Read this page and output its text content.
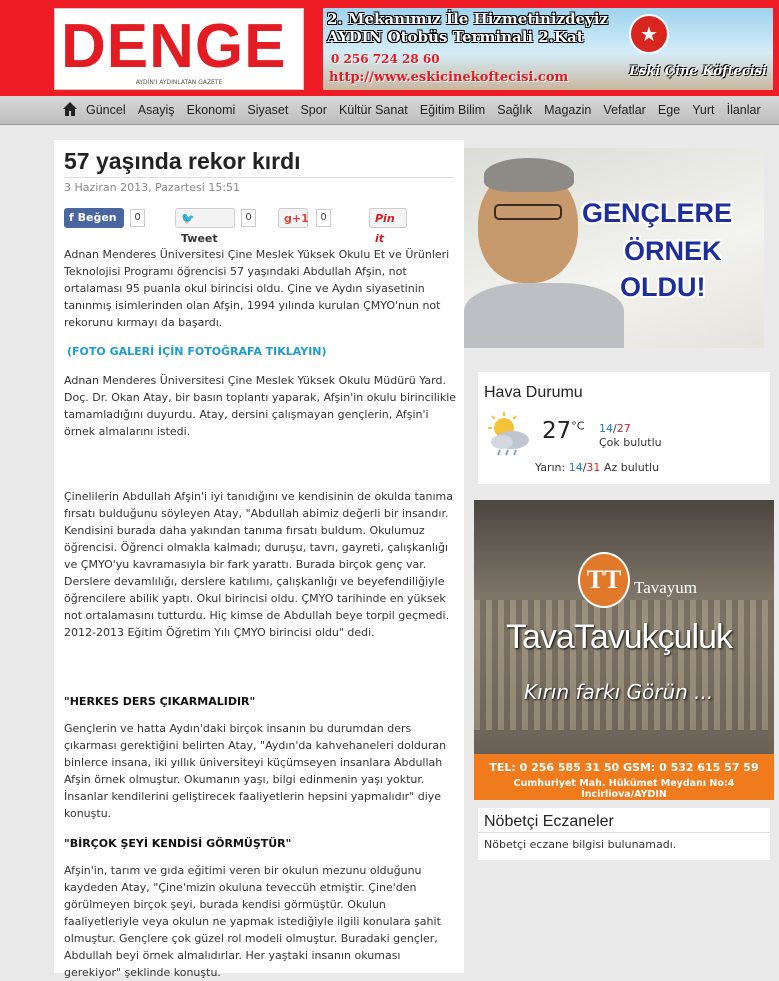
DENGE
AYDIN'I AYDINLATAN GAZETE
2. Mekanımız İle Hizmetinizdeyiz
AYDIN Otobüs Terminali 2.Kat
0 256 724 28 60
http://www.eskicinekoftecisi.com
★
Eski Çine Köftecisi
Güncel Asayiş Ekonomi Siyaset Spor Kültür Sanat Eğitim Bilim Sağlık Magazin Vefatlar Ege Yurt İlanlar
57 yaşında rekor kırdı
3 Haziran 2013, Pazartesi 15:51
f Beğen	0	🐦Tweet
0	g+1	0	Pin it

Adnan Menderes Üniversitesi Çine Meslek Yüksek Okulu Et ve Ürünleri Teknolojisi Programı öğrencisi 57 yaşındaki Abdullah Afşin, not ortalaması 95 puanla okul birincisi oldu. Çine ve Aydın siyasetinin tanınmış isimlerinden olan Afşin, 1994 yılında kurulan ÇMYO'nun not rekorunu kırmayı da başardı.

(FOTO GALERİ İÇİN FOTOĞRAFA TIKLAYIN)

Adnan Menderes Üniversitesi Çine Meslek Yüksek Okulu Müdürü Yard. Doç. Dr. Okan Atay, bir basın toplantı yaparak, Afşin'in okulu birincilikle tamamladığını duyurdu. Atay, dersini çalışmayan gençlerin, Afşin'i örnek almalarını istedi.

Çinelilerin Abdullah Afşin'i iyi tanıdığını ve kendisinin de okulda tanıma fırsatı bulduğunu söyleyen Atay, "Abdullah abimiz değerli bir insandır. Kendisini burada daha yakından tanıma fırsatı buldum. Okulumuz öğrencisi. Öğrenci olmakla kalmadı; duruşu, tavrı, gayreti, çalışkanlığı ve ÇMYO'yu kavramasıyla bir fark yarattı. Burada birçok genç var. Derslere devamlılığı, derslere katılımı, çalışkanlığı ve beyefendiliğiyle öğrencilere abilik yaptı. Okul birincisi oldu. ÇMYO tarihinde en yüksek not ortalamasını tutturdu. Hiç kimse de Abdullah beye torpil geçmedi. 2012-2013 Eğitim Öğretim Yılı ÇMYO birincisi oldu" dedi.

"HERKES DERS ÇIKARMALIDIR"

Gençlerin ve hatta Aydın'daki birçok insanın bu durumdan ders çıkarması gerektiğini belirten Atay, "Aydın'da kahvehaneleri dolduran binlerce insana, iki yıllık üniversiteyi küçümseyen insanlara Abdullah Afşin örnek olmuştur. Okumanın yaşı, bilgi edinmenin yaşı yoktur. İnsanlar kendilerini geliştirecek faaliyetlerin hepsini yapmalıdır" diye konuştu.

"BİRÇOK ŞEYİ KENDİSİ GÖRMÜŞTÜR"

Afşin'in, tarım ve gıda eğitimi veren bir okulun mezunu olduğunu kaydeden Atay, "Çine'mizin okuluna teveccüh etmiştir. Çine'den görülmeyen birçok şeyi, burada kendisi görmüştür. Okulun faaliyetleriyle veya okulun ne yapmak istediğiyle ilgili konulara şahit olmuştur. Gençlere çok güzel rol modeli olmuştur. Buradaki gençler, Abdullah beyi örnek almalıdırlar. Her yaştaki insanın okuması gerekiyor" şeklinde konuştu.

GENÇLERE
ÖRNEK
OLDU!
Hava Durumu
$27^{^\circ C}$ 14/27
Çok bulutlu
Yarın: 14/31 Az bulutlu
TT Tavayum
TavaTavukçuluk
Kırın farkı Görün ...
TEL: 0 256 585 31 50 GSM: 0 532 615 57 59
Cumhuriyet Mah. Hükümet Meydanı No:4 İncirliova/AYDIN
Nöbetçi Eczaneler
Nöbetçi eczane bilgisi bulunamadı.
